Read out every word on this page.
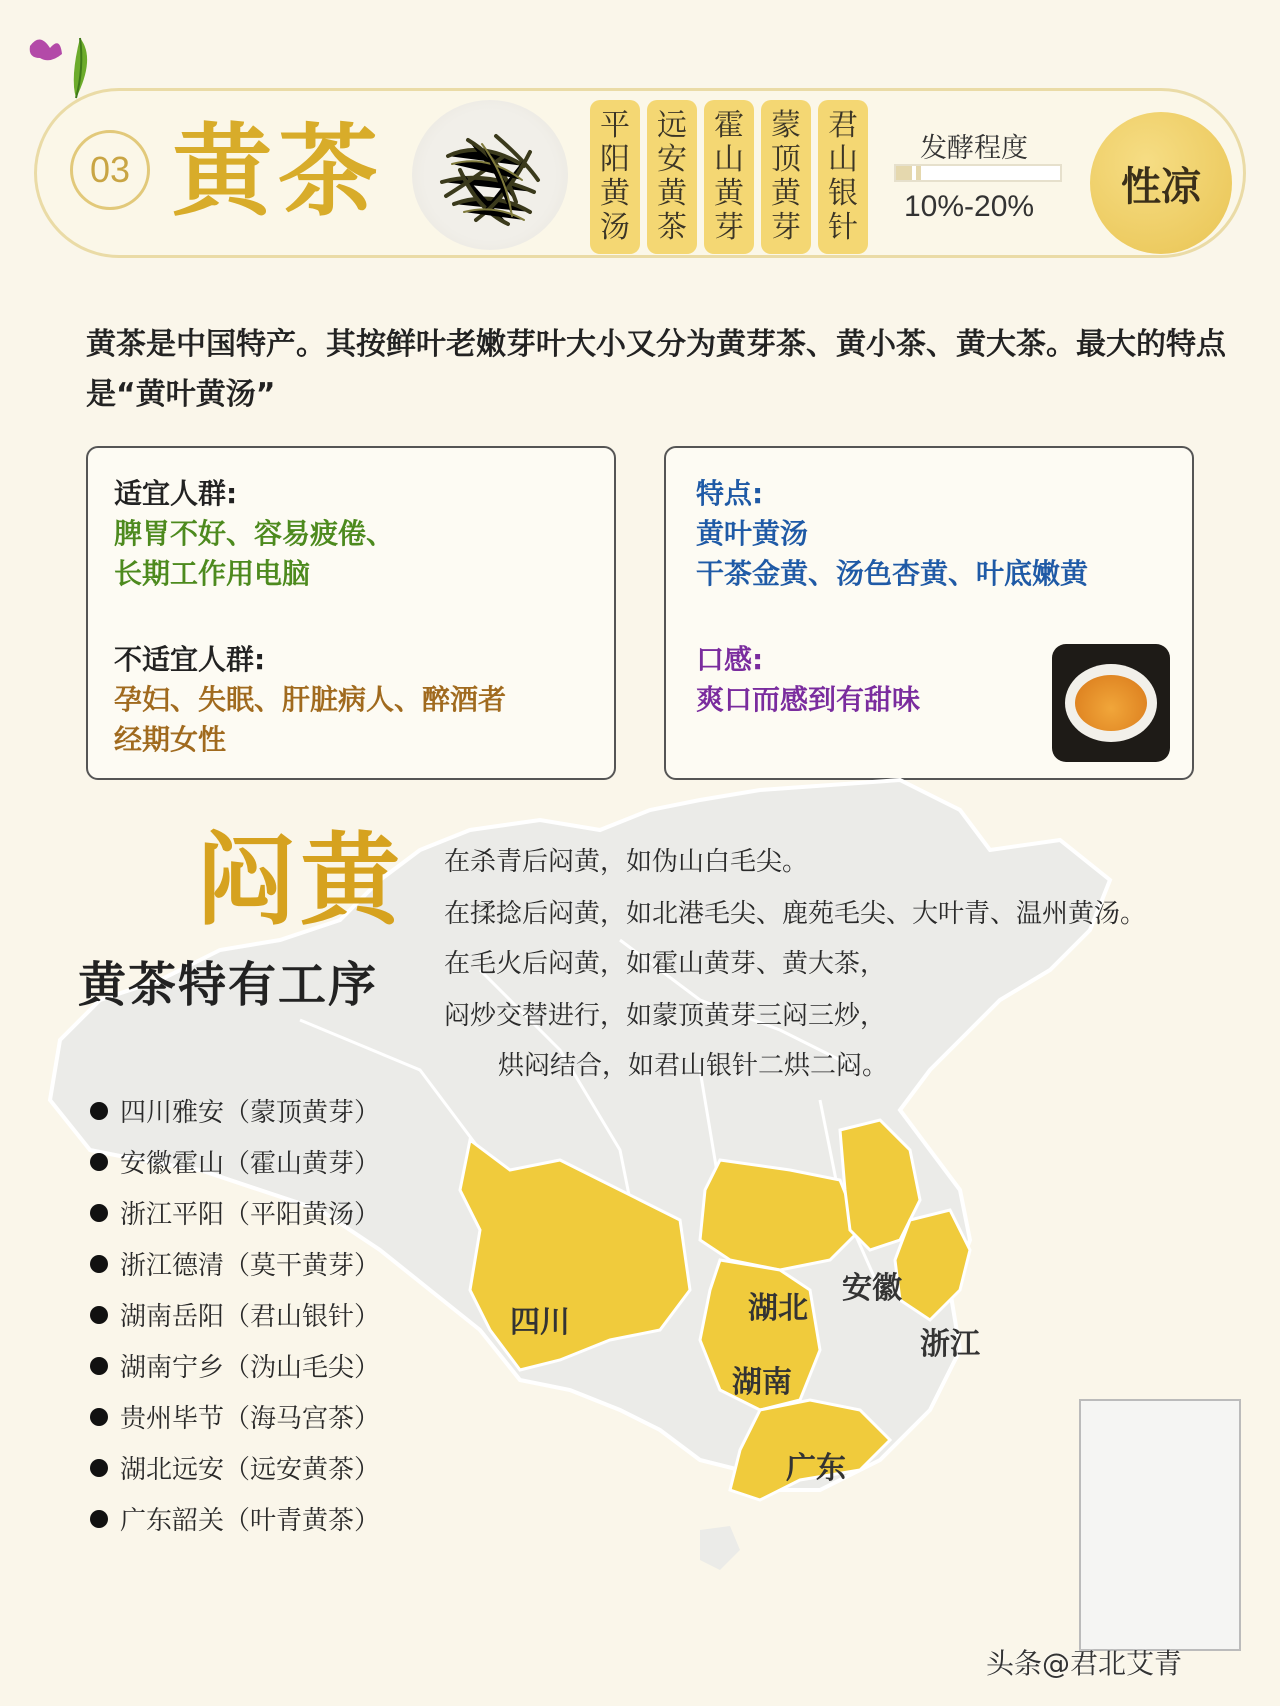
03 黄茶	平
阳
黄
汤
远
安
黄
茶
霍
山
黄
芽
蒙
顶
黄
芽
君
山
银
针
发酵程度
10%-20%	性凉
黄茶是中国特产。其按鲜叶老嫩芽叶大小又分为黄芽茶、黄小茶、黄大茶。最大的特点是“黄叶黄汤”
适宜人群:
脾胃不好、容易疲倦、
长期工作用电脑
不适宜人群:
孕妇、失眠、肝脏病人、醉酒者
经期女性
特点:
黄叶黄汤
干茶金黄、汤色杏黄、叶底嫩黄
口感:
爽口而感到有甜味
四川	湖北
安徽
浙江
湖南
广东
闷黄
黄茶特有工序
在杀青后闷黄，如伪山白毛尖。
在揉捻后闷黄，如北港毛尖、鹿苑毛尖、大叶青、温州黄汤。
在毛火后闷黄，如霍山黄芽、黄大茶，
闷炒交替进行，如蒙顶黄芽三闷三炒，
烘闷结合，如君山银针二烘二闷。
四川雅安（蒙顶黄芽）
安徽霍山（霍山黄芽）
浙江平阳（平阳黄汤）
浙江德清（莫干黄芽）
湖南岳阳（君山银针）
湖南宁乡（沩山毛尖）
贵州毕节（海马宫茶）
湖北远安（远安黄茶）
广东韶关（叶青黄茶）
头条@君北艾青
